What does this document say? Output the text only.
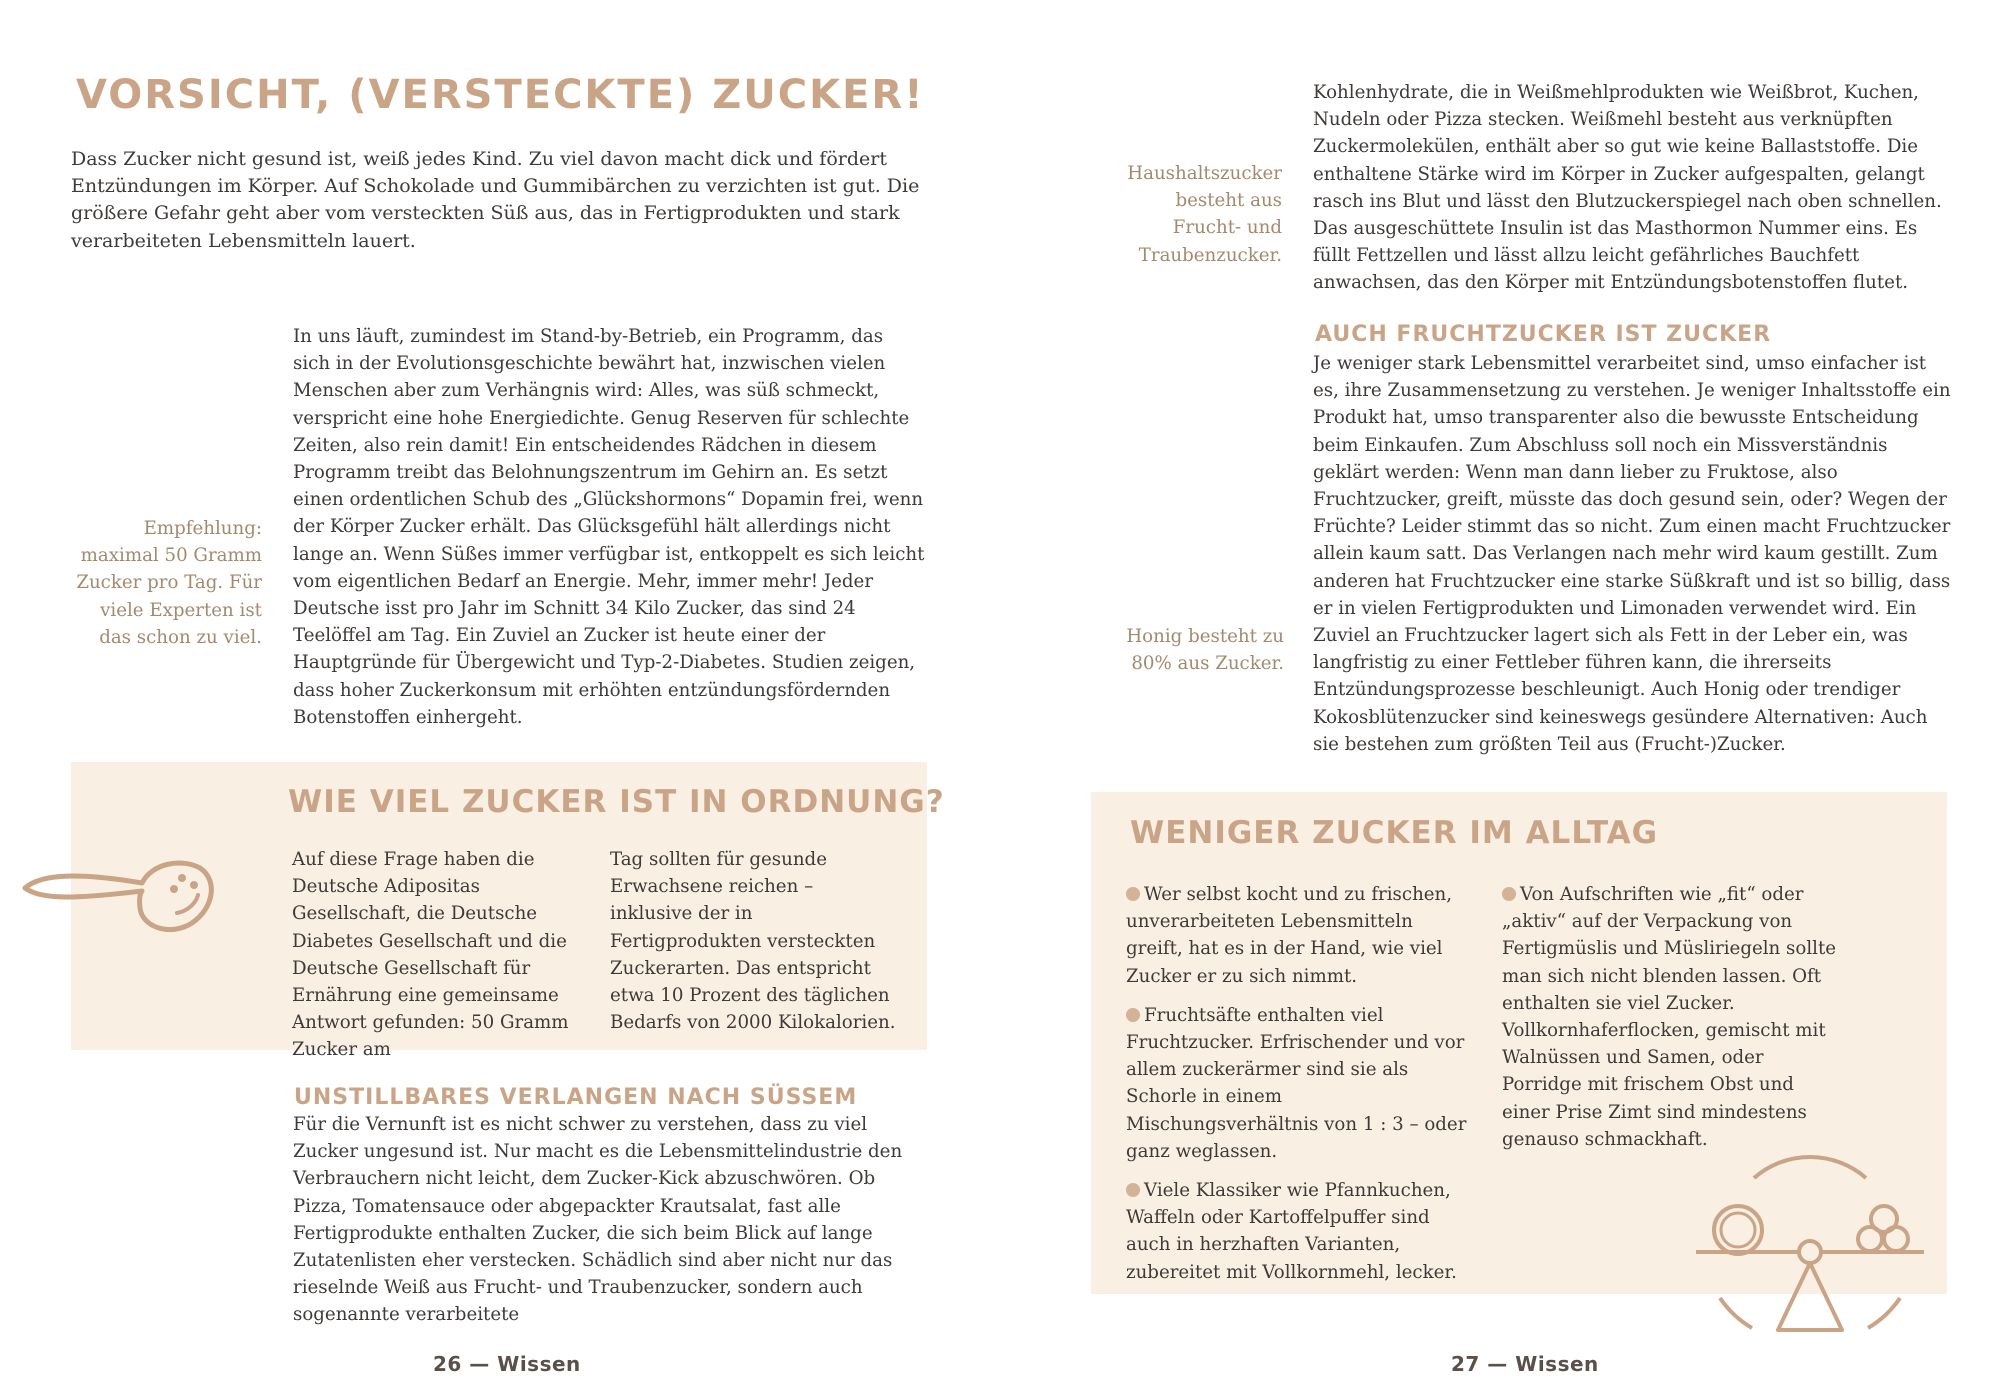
VORSICHT, (VERSTECKTE) ZUCKER!
Dass Zucker nicht gesund ist, weiß jedes Kind. Zu viel davon macht dick und fördert Entzündungen im Körper. Auf Schokolade und Gummibärchen zu verzichten ist gut. Die größere Gefahr geht aber vom versteckten Süß aus, das in Fertigprodukten und stark verarbeiteten Lebensmitteln lauert.
Empfehlung: maximal 50 Gramm Zucker pro Tag. Für viele Experten ist das schon zu viel.
In uns läuft, zumindest im Stand-by-Betrieb, ein Programm, das sich in der Evolutionsgeschichte bewährt hat, inzwischen vielen Menschen aber zum Verhängnis wird: Alles, was süß schmeckt, verspricht eine hohe Energiedichte. Genug Reserven für schlechte Zeiten, also rein damit! Ein entscheidendes Rädchen in diesem Programm treibt das Belohnungszentrum im Gehirn an. Es setzt einen ordentlichen Schub des „Glückshormons“ Dopamin frei, wenn der Körper Zucker erhält. Das Glücksgefühl hält allerdings nicht lange an. Wenn Süßes immer verfügbar ist, entkoppelt es sich leicht vom eigentlichen Bedarf an Energie. Mehr, immer mehr! Jeder Deutsche isst pro Jahr im Schnitt 34 Kilo Zucker, das sind 24 Teelöffel am Tag. Ein Zuviel an Zucker ist heute einer der Hauptgründe für Übergewicht und Typ-2-Diabetes. Studien zeigen, dass hoher Zuckerkonsum mit erhöhten entzündungsfördernden Botenstoffen einhergeht.
WIE VIEL ZUCKER IST IN ORDNUNG?
Auf diese Frage haben die Deutsche Adipositas Gesellschaft, die Deutsche Diabetes Gesellschaft und die Deutsche Gesellschaft für Ernährung eine gemeinsame Antwort gefunden: 50 Gramm Zucker am
Tag sollten für gesunde Erwachsene reichen – inklusive der in Fertigprodukten versteckten Zuckerarten. Das entspricht etwa 10 Prozent des täglichen Bedarfs von 2000 Kilokalorien.
UNSTILLBARES VERLANGEN NACH SÜSSEM
Für die Vernunft ist es nicht schwer zu verstehen, dass zu viel Zucker ungesund ist. Nur macht es die Lebensmittelindustrie den Verbrauchern nicht leicht, dem Zucker-Kick abzuschwören. Ob Pizza, Tomatensauce oder abgepackter Krautsalat, fast alle Fertigprodukte enthalten Zucker, die sich beim Blick auf lange Zutatenlisten eher verstecken. Schädlich sind aber nicht nur das rieselnde Weiß aus Frucht- und Traubenzucker, sondern auch sogenannte verarbeitete
26 — Wissen
Haushaltszucker besteht aus Frucht- und Traubenzucker.
Kohlenhydrate, die in Weißmehlprodukten wie Weißbrot, Kuchen, Nudeln oder Pizza stecken. Weißmehl besteht aus verknüpften Zuckermolekülen, enthält aber so gut wie keine Ballaststoffe. Die enthaltene Stärke wird im Körper in Zucker aufgespalten, gelangt rasch ins Blut und lässt den Blutzuckerspiegel nach oben schnellen. Das ausgeschüttete Insulin ist das Masthormon Nummer eins. Es füllt Fettzellen und lässt allzu leicht gefährliches Bauchfett anwachsen, das den Körper mit Entzündungsbotenstoffen flutet.
AUCH FRUCHTZUCKER IST ZUCKER
Honig besteht zu 80% aus Zucker.
Je weniger stark Lebensmittel verarbeitet sind, umso einfacher ist es, ihre Zusammensetzung zu verstehen. Je weniger Inhaltsstoffe ein Produkt hat, umso transparenter also die bewusste Entscheidung beim Einkaufen. Zum Abschluss soll noch ein Missverständnis geklärt werden: Wenn man dann lieber zu Fruktose, also Fruchtzucker, greift, müsste das doch gesund sein, oder? Wegen der Früchte? Leider stimmt das so nicht. Zum einen macht Fruchtzucker allein kaum satt. Das Verlangen nach mehr wird kaum gestillt. Zum anderen hat Fruchtzucker eine starke Süßkraft und ist so billig, dass er in vielen Fertigprodukten und Limonaden verwendet wird. Ein Zuviel an Fruchtzucker lagert sich als Fett in der Leber ein, was langfristig zu einer Fettleber führen kann, die ihrerseits Entzündungsprozesse beschleunigt. Auch Honig oder trendiger Kokosblütenzucker sind keineswegs gesündere Alternativen: Auch sie bestehen zum größten Teil aus (Frucht-)Zucker.
WENIGER ZUCKER IM ALLTAG

Wer selbst kocht und zu frischen, unverarbeiteten Lebensmitteln greift, hat es in der Hand, wie viel Zucker er zu sich nimmt.

Fruchtsäfte enthalten viel Fruchtzucker. Erfrischender und vor allem zuckerärmer sind sie als Schorle in einem Mischungsverhältnis von 1 : 3 – oder ganz weglassen.

Viele Klassiker wie Pfannkuchen, Waffeln oder Kartoffelpuffer sind auch in herzhaften Varianten, zubereitet mit Vollkornmehl, lecker.

Von Aufschriften wie „fit“ oder „aktiv“ auf der Verpackung von Fertigmüslis und Müsliriegeln sollte man sich nicht blenden lassen. Oft enthalten sie viel Zucker. Vollkornhaferflocken, gemischt mit Walnüssen und Samen, oder Porridge mit frischem Obst und einer Prise Zimt sind mindestens genauso schmackhaft.

27 — Wissen
